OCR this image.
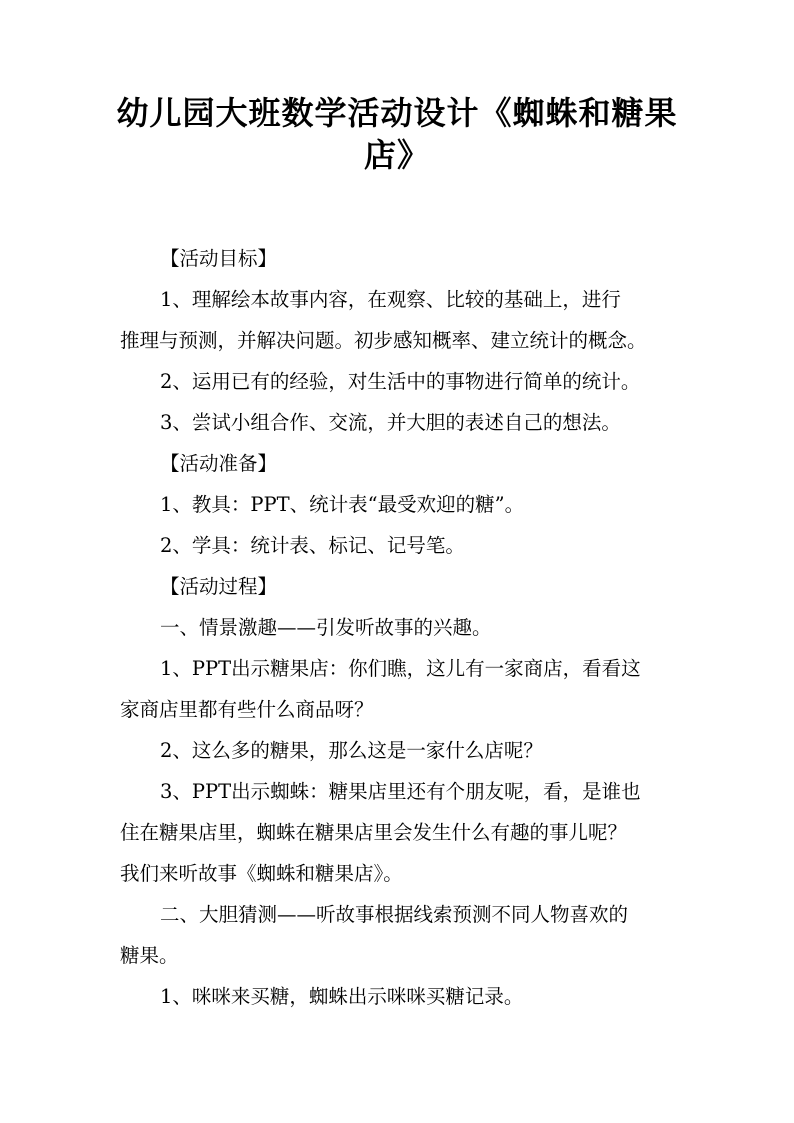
幼儿园大班数学活动设计《蜘蛛和糖果
店》

【活动目标】

1、理解绘本故事内容，在观察、比较的基础上，进行

推理与预测，并解决问题。初步感知概率、建立统计的概念。

2、运用已有的经验，对生活中的事物进行简单的统计。

3、尝试小组合作、交流，并大胆的表述自己的想法。

【活动准备】

1、教具：PPT、统计表“最受欢迎的糖”。

2、学具：统计表、标记、记号笔。

【活动过程】

一、情景激趣——引发听故事的兴趣。

1、PPT出示糖果店：你们瞧，这儿有一家商店，看看这

家商店里都有些什么商品呀？

2、这么多的糖果，那么这是一家什么店呢？

3、PPT出示蜘蛛：糖果店里还有个朋友呢，看，是谁也

住在糖果店里，蜘蛛在糖果店里会发生什么有趣的事儿呢？

我们来听故事《蜘蛛和糖果店》。

二、大胆猜测——听故事根据线索预测不同人物喜欢的

糖果。

1、咪咪来买糖，蜘蛛出示咪咪买糖记录。
